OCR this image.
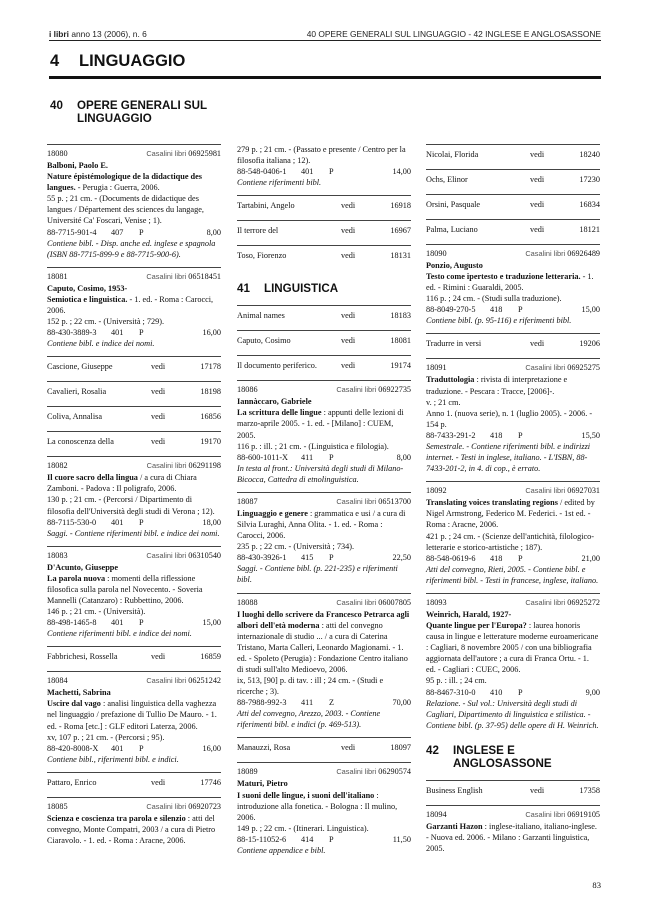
i libri anno 13 (2006), n. 6	40 OPERE GENERALI SUL LINGUAGGIO - 42 INGLESE E ANGLOSASSONE
4 LINGUAGGIO
40 OPERE GENERALI SUL LINGUAGGIO
18080	Casalini libri 06925981
Balboni, Paolo E.
Nature épistémologique de la didactique des langues. - Perugia : Guerra, 2006.
55 p. ; 21 cm. - (Documents de didactique des langues / Département des sciences du langage, Université Ca' Foscari, Venise ; 1).
88-7715-901-4 407 P	8,00
Contiene bibl. - Disp. anche ed. inglese e spagnola (ISBN 88-7715-899-9 e 88-7715-900-6).
18081	Casalini libri 06518451
Caputo, Cosimo, 1953-
Semiotica e linguistica. - 1. ed. - Roma : Carocci, 2006.
152 p. ; 22 cm. - (Università ; 729).
88-430-3889-3 401 P	16,00
Contiene bibl. e indice dei nomi.
Cascione, Giuseppe	vedi	17178
Cavalieri, Rosalia	vedi	18198
Coliva, Annalisa	vedi	16856
La conoscenza della	vedi	19170
18082	Casalini libri 06291198
Il cuore sacro della lingua / a cura di Chiara Zamboni. - Padova : Il poligrafo, 2006.
130 p. ; 21 cm. - (Percorsi / Dipartimento di filosofia dell'Università degli studi di Verona ; 12).
88-7115-530-0 401 P	18,00
Saggi. - Contiene riferimenti bibl. e indice dei nomi.
18083	Casalini libri 06310540
D'Acunto, Giuseppe
La parola nuova : momenti della riflessione filosofica sulla parola nel Novecento. - Soveria Mannelli (Catanzaro) : Rubbettino, 2006.
146 p. ; 21 cm. - (Università).
88-498-1465-8 401 P	15,00
Contiene riferimenti bibl. e indice dei nomi.
Fabbrichesi, Rossella	vedi	16859
18084	Casalini libri 06251242
Machetti, Sabrina
Uscire dal vago : analisi linguistica della vaghezza nel linguaggio / prefazione di Tullio De Mauro. - 1. ed. - Roma [etc.] : GLF editori Laterza, 2006.
xv, 107 p. ; 21 cm. - (Percorsi ; 95).
88-420-8008-X 401 P	16,00
Contiene bibl., riferimenti bibl. e indici.
Pattaro, Enrico	vedi	17746
18085	Casalini libri 06920723
Scienza e coscienza tra parola e silenzio : atti del convegno, Monte Compatri, 2003 / a cura di Pietro Ciaravolo. - 1. ed. - Roma : Aracne, 2006.
279 p. ; 21 cm. - (Passato e presente / Centro per la filosofia italiana ; 12).
88-548-0406-1 401 P	14,00
Contiene riferimenti bibl.
Tartabini, Angelo	vedi	16918
Il terrore del	vedi	16967
Toso, Fiorenzo	vedi	18131
41 LINGUISTICA
Animal names	vedi	18183
Caputo, Cosimo	vedi	18081
Il documento periferico.	vedi	19174
18086	Casalini libri 06922735
Iannàccaro, Gabriele
La scrittura delle lingue : appunti delle lezioni di marzo-aprile 2005. - 1. ed. - [Milano] : CUEM, 2005.
116 p. : ill. ; 21 cm. - (Linguistica e filologia).
88-600-1011-X 411 P	8,00
In testa al front.: Università degli studi di Milano-Bicocca, Cattedra di etnolinguistica.
18087	Casalini libri 06513700
Linguaggio e genere : grammatica e usi / a cura di Silvia Luraghi, Anna Olita. - 1. ed. - Roma : Carocci, 2006.
235 p. ; 22 cm. - (Università ; 734).
88-430-3926-1 415 P	22,50
Saggi. - Contiene bibl. (p. 221-235) e riferimenti bibl.
18088	Casalini libri 06007805
I luoghi dello scrivere da Francesco Petrarca agli albori dell'età moderna : atti del convegno internazionale di studio ... / a cura di Caterina Tristano, Marta Calleri, Leonardo Magionami. - 1. ed. - Spoleto (Perugia) : Fondazione Centro italiano di studi sull'alto Medioevo, 2006.
ix, 513, [90] p. di tav. : ill ; 24 cm. - (Studi e ricerche ; 3).
88-7988-992-3 411 Z	70,00
Atti del convegno, Arezzo, 2003. - Contiene riferimenti bibl. e indici (p. 469-513).
Manauzzi, Rosa	vedi	18097
18089	Casalini libri 06290574
Maturi, Pietro
I suoni delle lingue, i suoni dell'italiano : introduzione alla fonetica. - Bologna : Il mulino, 2006.
149 p. ; 22 cm. - (Itinerari. Linguistica).
88-15-11052-6 414 P	11,50
Contiene appendice e bibl.
Nicolai, Florida	vedi	18240
Ochs, Elinor	vedi	17230
Orsini, Pasquale	vedi	16834
Palma, Luciano	vedi	18121
18090	Casalini libri 06926489
Ponzio, Augusto
Testo come ipertesto e traduzione letteraria. - 1. ed. - Rimini : Guaraldi, 2005.
116 p. ; 24 cm. - (Studi sulla traduzione).
88-8049-270-5 418 P	15,00
Contiene bibl. (p. 95-116) e riferimenti bibl.
Tradurre in versi	vedi	19206
18091	Casalini libri 06925275
Traduttologia : rivista di interpretazione e traduzione. - Pescara : Tracce, [2006]-.
v. ; 21 cm.
Anno 1. (nuova serie), n. 1 (luglio 2005). - 2006. - 154 p.
88-7433-291-2 418 P	15,50
Semestrale. - Contiene riferimenti bibl. e indirizzi internet. - Testi in inglese, italiano. - L'ISBN, 88-7433-201-2, in 4. di cop., è errato.
18092	Casalini libri 06927031
Translating voices translating regions / edited by Nigel Armstrong, Federico M. Federici. - 1st ed. - Roma : Aracne, 2006.
421 p. ; 24 cm. - (Scienze dell'antichità, filologico-letterarie e storico-artistiche ; 187).
88-548-0619-6 418 P	21,00
Atti del convegno, Rieti, 2005. - Contiene bibl. e riferimenti bibl. - Testi in francese, inglese, italiano.
18093	Casalini libri 06925272
Weinrich, Harald, 1927-
Quante lingue per l'Europa? : laurea honoris causa in lingue e letterature moderne euroamericane : Cagliari, 8 novembre 2005 / con una bibliografia aggiornata dell'autore ; a cura di Franca Ortu. - 1. ed. - Cagliari : CUEC, 2006.
95 p. : ill. ; 24 cm.
88-8467-310-0 410 P	9,00
Relazione. - Sul vol.: Università degli studi di Cagliari, Dipartimento di linguistica e stilistica. - Contiene bibl. (p. 37-95) delle opere di H. Weinrich.
42 INGLESE E ANGLOSASSONE
Business English	vedi	17358
18094	Casalini libri 06919105
Garzanti Hazon : inglese-italiano, italiano-inglese. - Nuova ed. 2006. - Milano : Garzanti linguistica, 2005.
83
